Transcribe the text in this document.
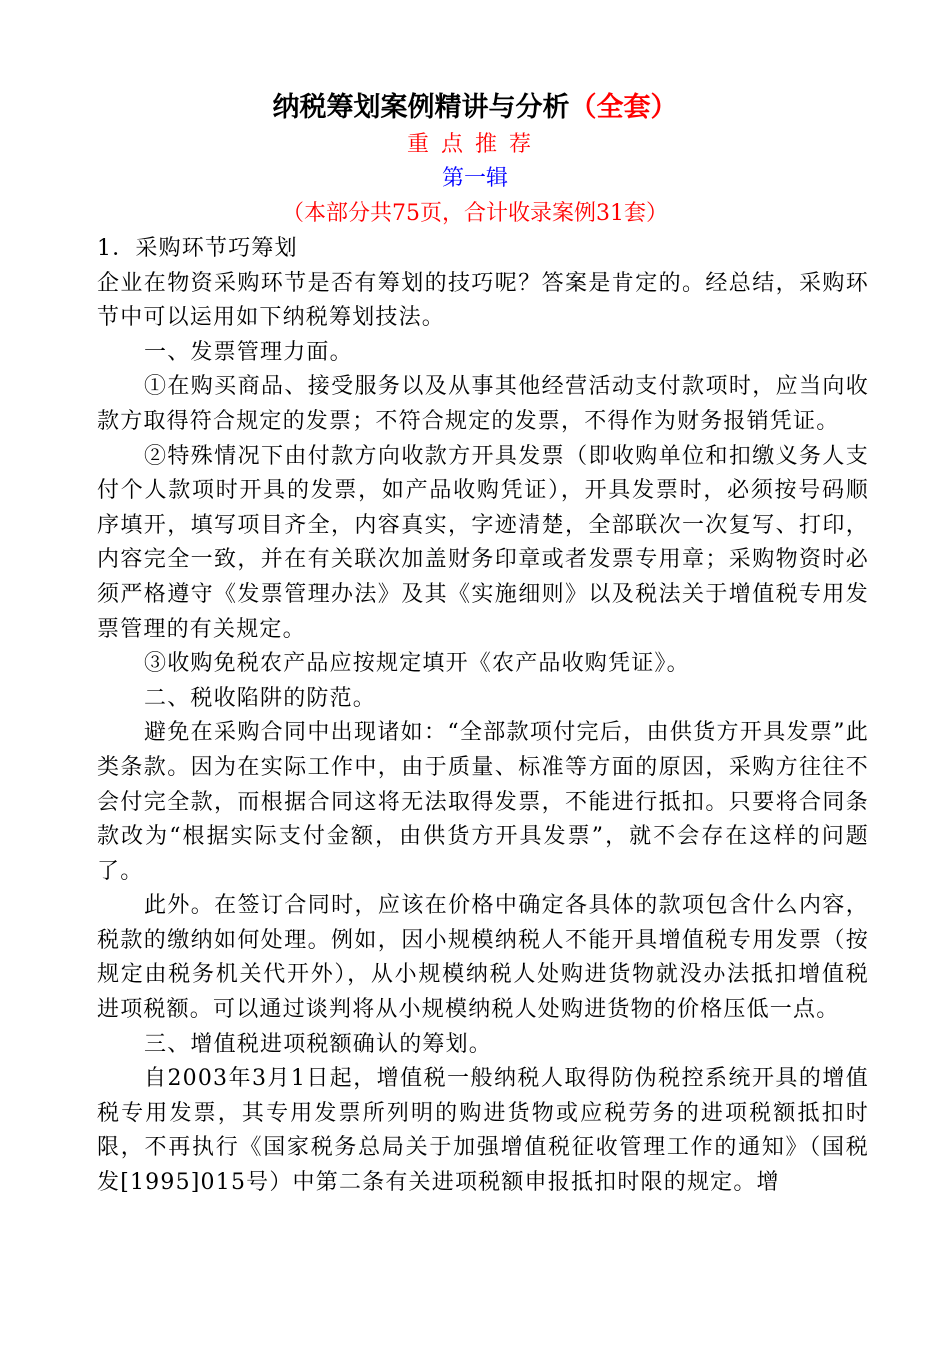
纳税筹划案例精讲与分析（全套）
重点推荐
第一辑
（本部分共75页，合计收录案例31套）

1．采购环节巧筹划

企业在物资采购环节是否有筹划的技巧呢？答案是肯定的。经总结，采购环节中可以运用如下纳税筹划技法。

一、发票管理力面。

①在购买商品、接受服务以及从事其他经营活动支付款项时，应当向收款方取得符合规定的发票；不符合规定的发票，不得作为财务报销凭证。

②特殊情况下由付款方向收款方开具发票（即收购单位和扣缴义务人支付个人款项时开具的发票，如产品收购凭证），开具发票时，必须按号码顺序填开，填写项目齐全，内容真实，字迹清楚，全部联次一次复写、打印，内容完全一致，并在有关联次加盖财务印章或者发票专用章；采购物资时必须严格遵守《发票管理办法》及其《实施细则》以及税法关于增值税专用发票管理的有关规定。

③收购免税农产品应按规定填开《农产品收购凭证》。

二、税收陷阱的防范。

避免在采购合同中出现诸如：“全部款项付完后，由供货方开具发票”此类条款。因为在实际工作中，由于质量、标准等方面的原因，采购方往往不会付完全款，而根据合同这将无法取得发票，不能进行抵扣。只要将合同条款改为“根据实际支付金额，由供货方开具发票”，就不会存在这样的问题了。

此外。在签订合同时，应该在价格中确定各具体的款项包含什么内容，税款的缴纳如何处理。例如，因小规模纳税人不能开具增值税专用发票（按规定由税务机关代开外），从小规模纳税人处购进货物就没办法抵扣增值税进项税额。可以通过谈判将从小规模纳税人处购进货物的价格压低一点。

三、增值税进项税额确认的筹划。

自2003年3月1日起，增值税一般纳税人取得防伪税控系统开具的增值税专用发票，其专用发票所列明的购进货物或应税劳务的进项税额抵扣时限，不再执行《国家税务总局关于加强增值税征收管理工作的通知》（国税发[1995]015号）中第二条有关进项税额申报抵扣时限的规定。增
